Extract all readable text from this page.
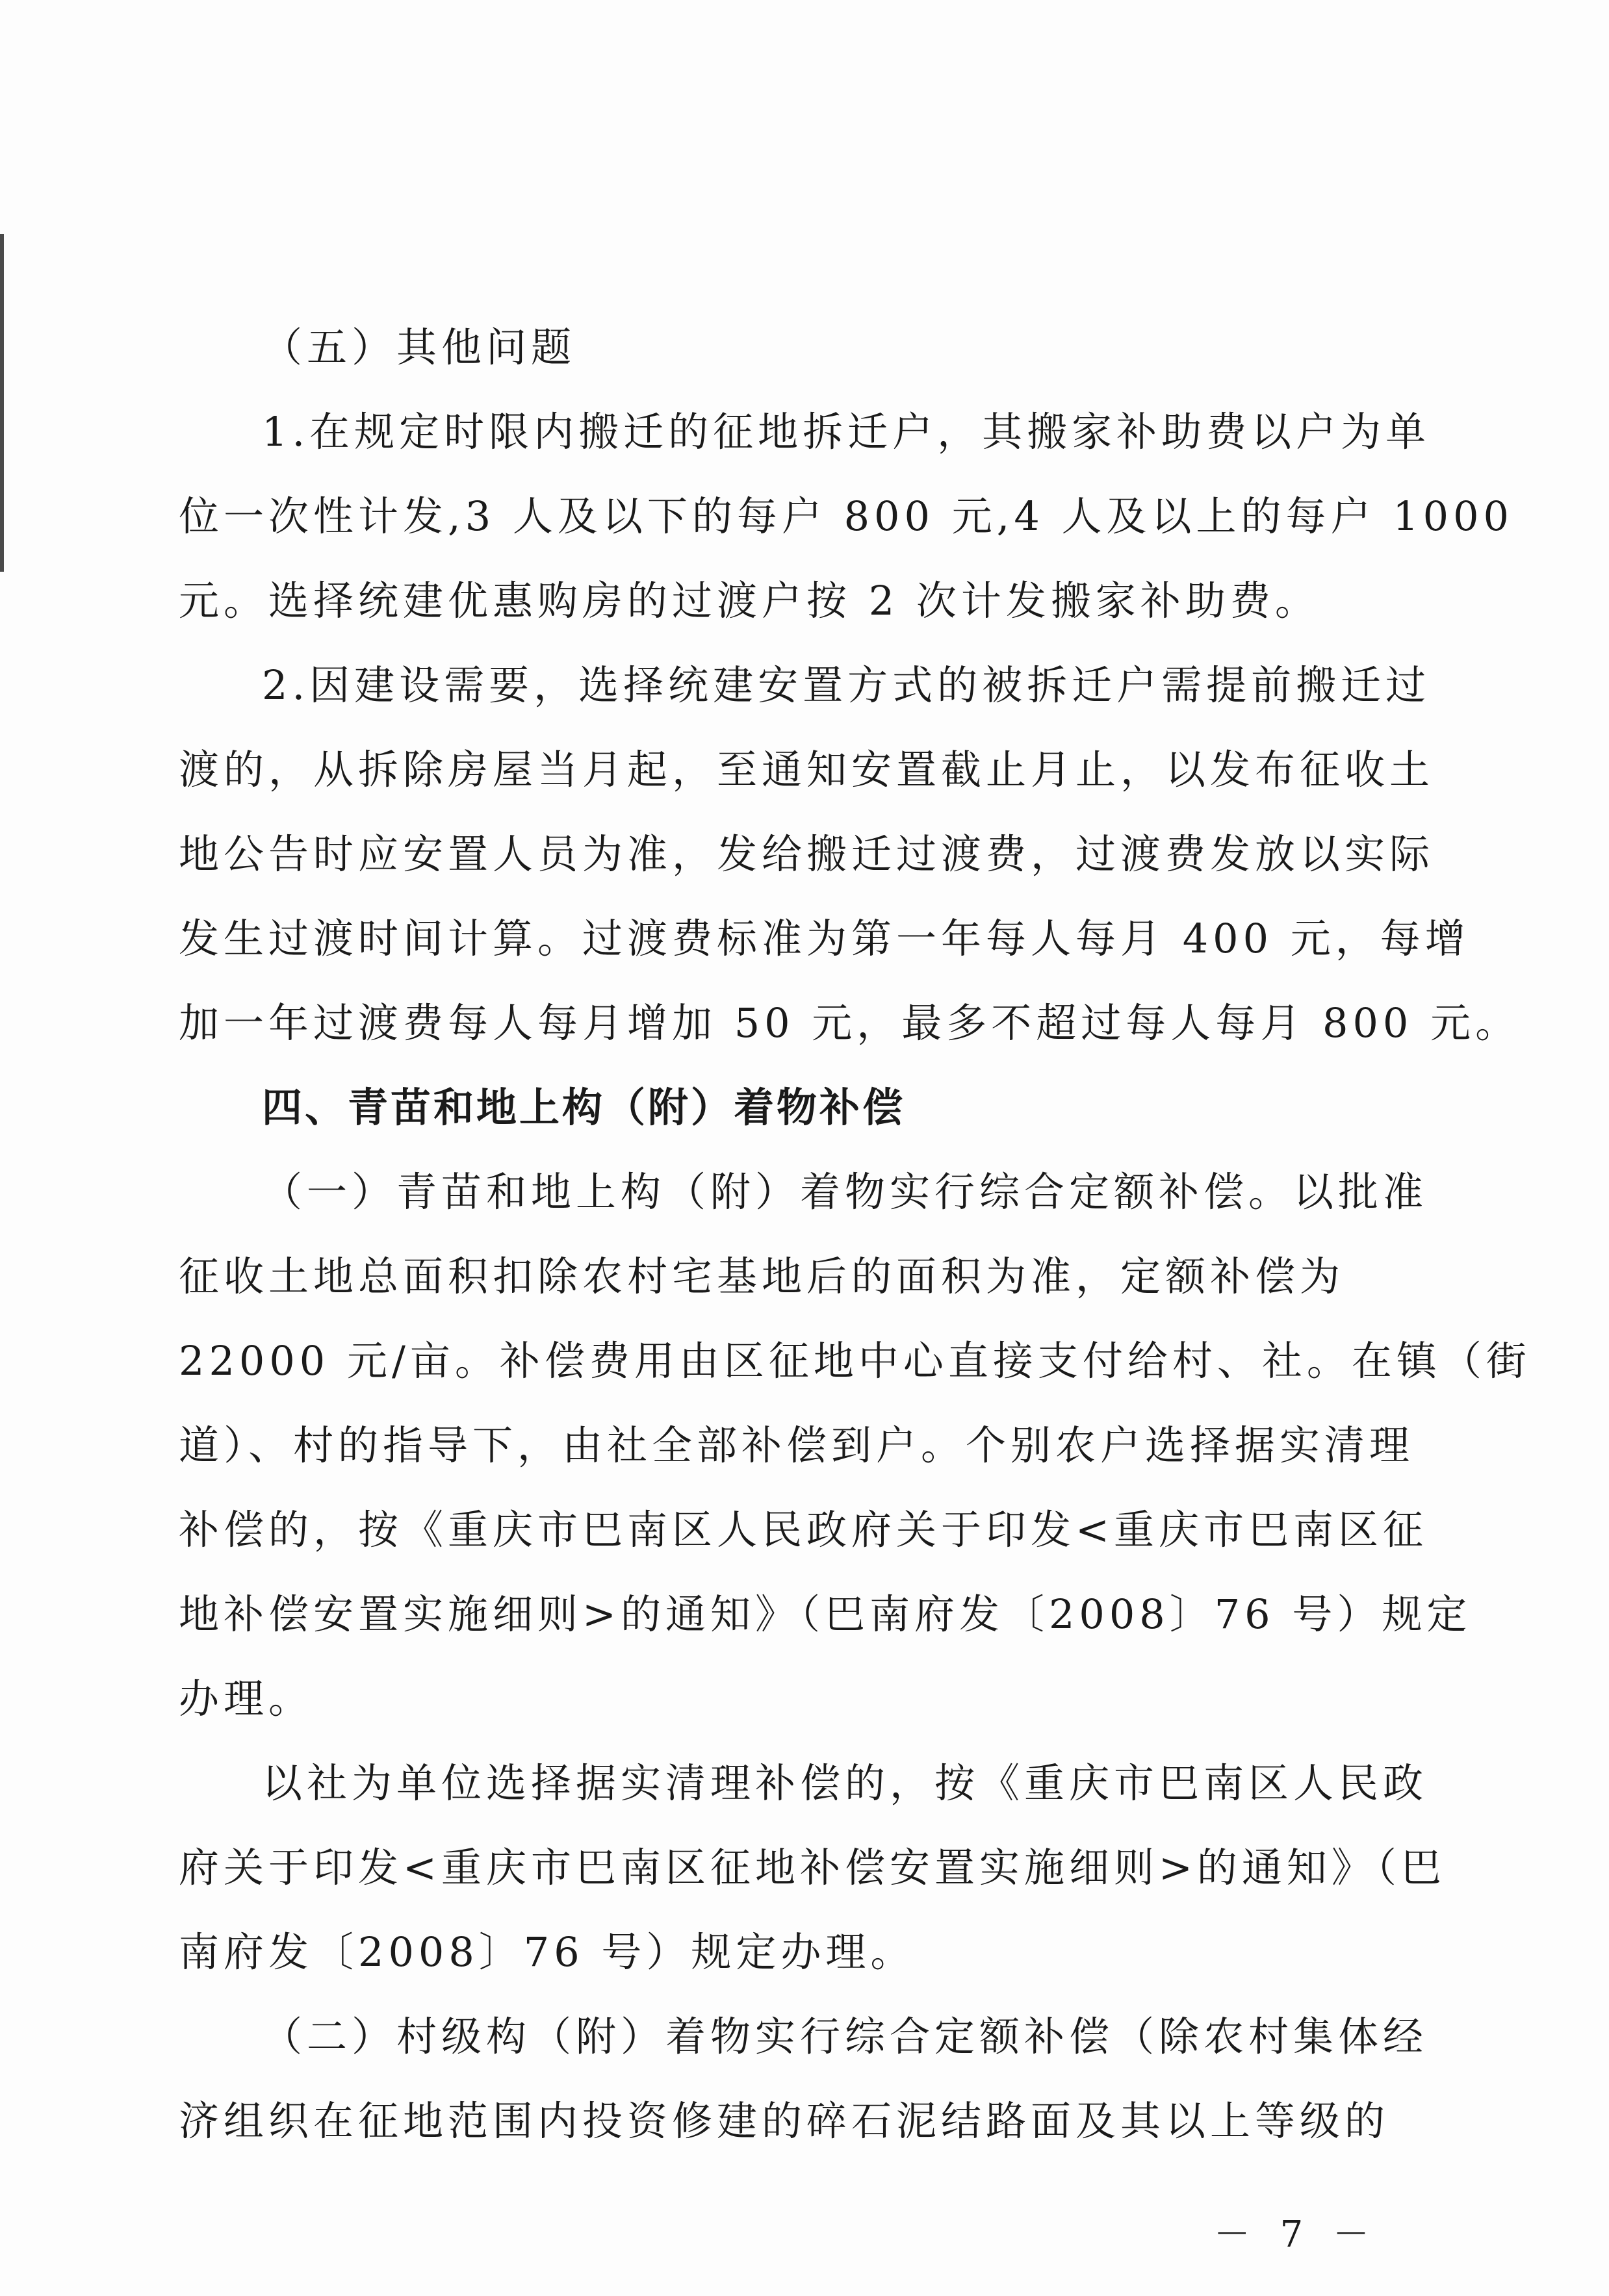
（五）其他问题
1.在规定时限内搬迁的征地拆迁户，其搬家补助费以户为单
位一次性计发,3 人及以下的每户 800 元,4 人及以上的每户 1000
元。选择统建优惠购房的过渡户按 2 次计发搬家补助费。
2.因建设需要，选择统建安置方式的被拆迁户需提前搬迁过
渡的，从拆除房屋当月起，至通知安置截止月止，以发布征收土
地公告时应安置人员为准，发给搬迁过渡费，过渡费发放以实际
发生过渡时间计算。过渡费标准为第一年每人每月 400 元，每增
加一年过渡费每人每月增加 50 元，最多不超过每人每月 800 元。
四、青苗和地上构（附）着物补偿
（一）青苗和地上构（附）着物实行综合定额补偿。以批准
征收土地总面积扣除农村宅基地后的面积为准，定额补偿为
22000 元/亩。补偿费用由区征地中心直接支付给村、社。在镇（街
道）、村的指导下，由社全部补偿到户。个别农户选择据实清理
补偿的，按《重庆市巴南区人民政府关于印发<重庆市巴南区征
地补偿安置实施细则>的通知》（巴南府发〔2008〕76 号）规定
办理。
以社为单位选择据实清理补偿的，按《重庆市巴南区人民政
府关于印发<重庆市巴南区征地补偿安置实施细则>的通知》（巴
南府发〔2008〕76 号）规定办理。
（二）村级构（附）着物实行综合定额补偿（除农村集体经
济组织在征地范围内投资修建的碎石泥结路面及其以上等级的
－ 7 －
